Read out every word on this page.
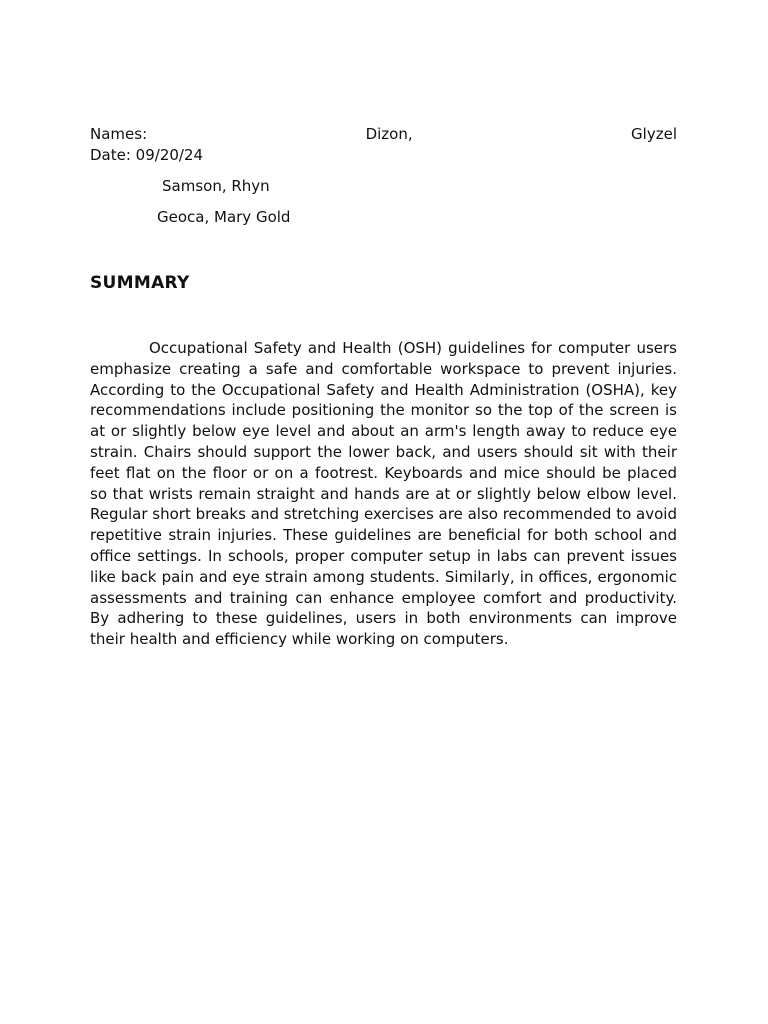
Names:	Dizon,	Glyzel
Date: 09/20/24
Samson, Rhyn
Geoca, Mary Gold
SUMMARY

Occupational Safety and Health (OSH) guidelines for computer users emphasize creating a safe and comfortable workspace to prevent injuries. According to the Occupational Safety and Health Administration (OSHA), key recommendations include positioning the monitor so the top of the screen is at or slightly below eye level and about an arm's length away to reduce eye strain. Chairs should support the lower back, and users should sit with their feet flat on the floor or on a footrest. Keyboards and mice should be placed so that wrists remain straight and hands are at or slightly below elbow level. Regular short breaks and stretching exercises are also recommended to avoid repetitive strain injuries. These guidelines are beneficial for both school and office settings. In schools, proper computer setup in labs can prevent issues like back pain and eye strain among students. Similarly, in offices, ergonomic assessments and training can enhance employee comfort and productivity. By adhering to these guidelines, users in both environments can improve their health and efficiency while working on computers.
